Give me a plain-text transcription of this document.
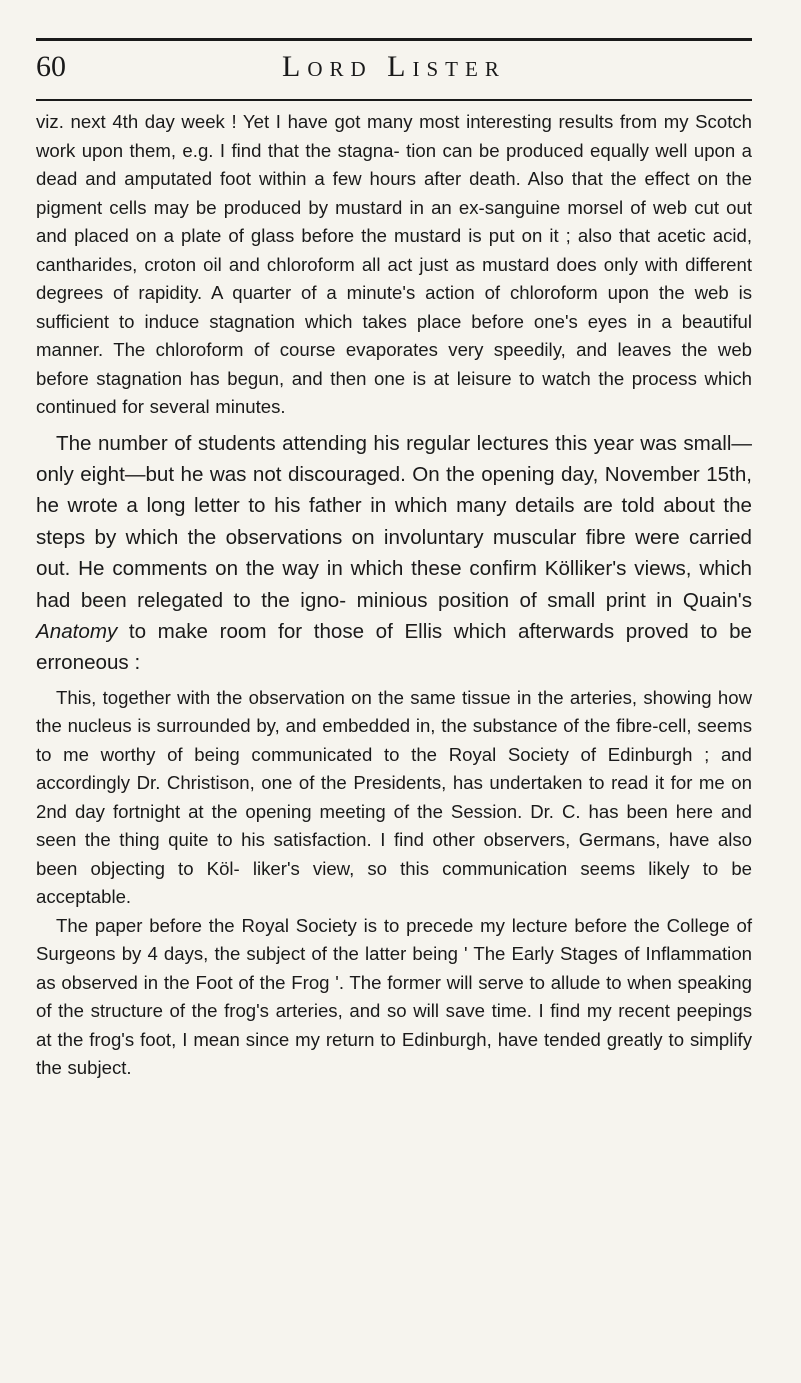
60	Lord Lister

viz. next 4th day week ! Yet I have got many most interesting results from my Scotch work upon them, e.g. I find that the stagna- tion can be produced equally well upon a dead and amputated foot within a few hours after death. Also that the effect on the pigment cells may be produced by mustard in an ex-sanguine morsel of web cut out and placed on a plate of glass before the mustard is put on it ; also that acetic acid, cantharides, croton oil and chloroform all act just as mustard does only with different degrees of rapidity. A quarter of a minute's action of chloroform upon the web is sufficient to induce stagnation which takes place before one's eyes in a beautiful manner. The chloroform of course evaporates very speedily, and leaves the web before stagnation has begun, and then one is at leisure to watch the process which continued for several minutes.

The number of students attending his regular lectures this year was small—only eight—but he was not discouraged. On the opening day, November 15th, he wrote a long letter to his father in which many details are told about the steps by which the observations on involuntary muscular fibre were carried out. He comments on the way in which these confirm Kölliker's views, which had been relegated to the igno- minious position of small print in Quain's Anatomy to make room for those of Ellis which afterwards proved to be erroneous :

This, together with the observation on the same tissue in the arteries, showing how the nucleus is surrounded by, and embedded in, the substance of the fibre-cell, seems to me worthy of being communicated to the Royal Society of Edinburgh ; and accordingly Dr. Christison, one of the Presidents, has undertaken to read it for me on 2nd day fortnight at the opening meeting of the Session. Dr. C. has been here and seen the thing quite to his satisfaction. I find other observers, Germans, have also been objecting to Köl- liker's view, so this communication seems likely to be acceptable.

The paper before the Royal Society is to precede my lecture before the College of Surgeons by 4 days, the subject of the latter being ' The Early Stages of Inflammation as observed in the Foot of the Frog '. The former will serve to allude to when speaking of the structure of the frog's arteries, and so will save time. I find my recent peepings at the frog's foot, I mean since my return to Edinburgh, have tended greatly to simplify the subject.
